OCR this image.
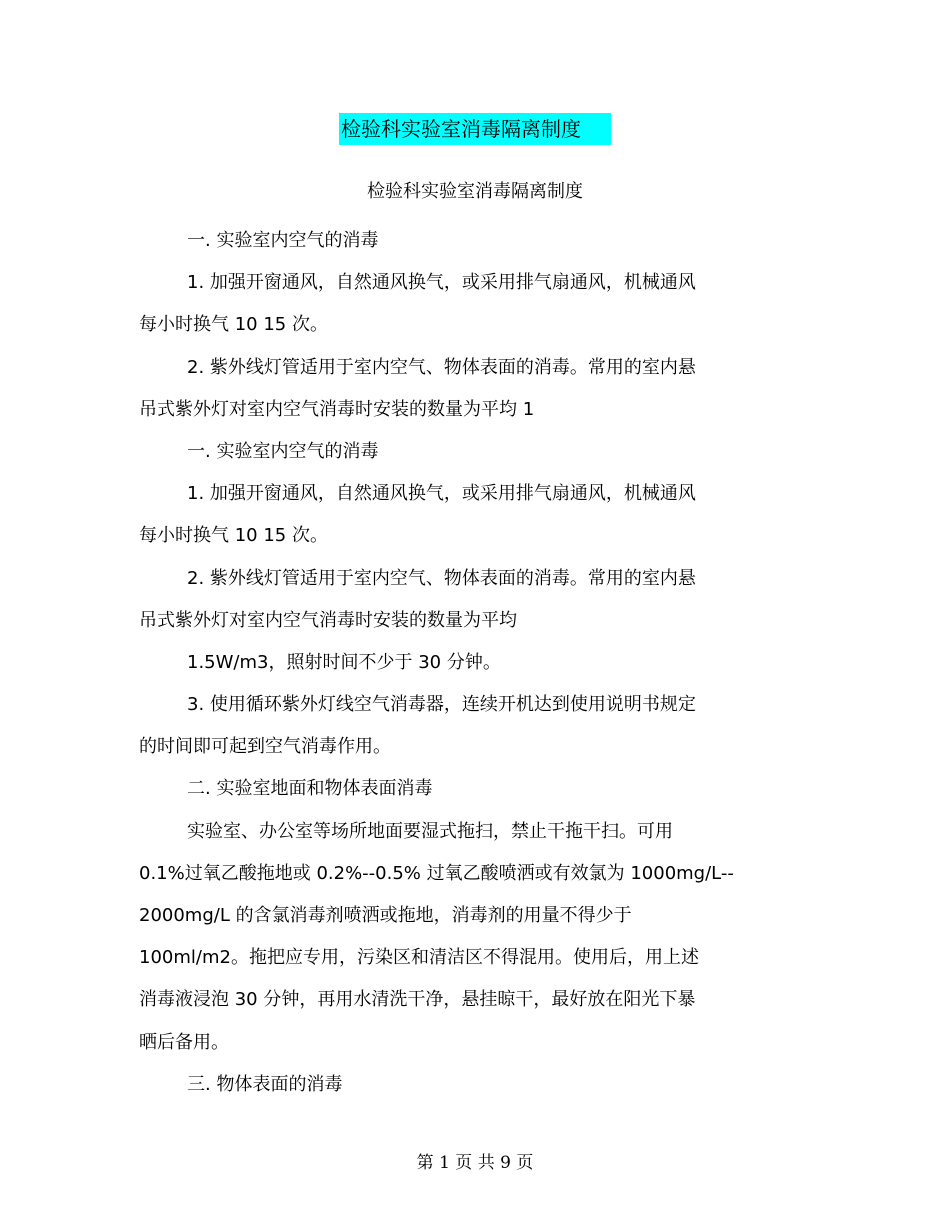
检验科实验室消毒隔离制度
检验科实验室消毒隔离制度
一. 实验室内空气的消毒
1. 加强开窗通风，自然通风换气，或采用排气扇通风，机械通风
每小时换气 10 15 次。
2. 紫外线灯管适用于室内空气、物体表面的消毒。常用的室内悬
吊式紫外灯对室内空气消毒时安装的数量为平均 1
一. 实验室内空气的消毒
1. 加强开窗通风，自然通风换气，或采用排气扇通风，机械通风
每小时换气 10 15 次。
2. 紫外线灯管适用于室内空气、物体表面的消毒。常用的室内悬
吊式紫外灯对室内空气消毒时安装的数量为平均
1.5W/m3，照射时间不少于 30 分钟。
3. 使用循环紫外灯线空气消毒器，连续开机达到使用说明书规定
的时间即可起到空气消毒作用。
二. 实验室地面和物体表面消毒
实验室、办公室等场所地面要湿式拖扫，禁止干拖干扫。可用
0.1%过氧乙酸拖地或 0.2%--0.5% 过氧乙酸喷洒或有效氯为 1000mg/L--
2000mg/L 的含氯消毒剂喷洒或拖地，消毒剂的用量不得少于
100ml/m2。拖把应专用，污染区和清洁区不得混用。使用后，用上述
消毒液浸泡 30 分钟，再用水清洗干净，悬挂晾干，最好放在阳光下暴
晒后备用。
三. 物体表面的消毒
第 1 页 共 9 页
